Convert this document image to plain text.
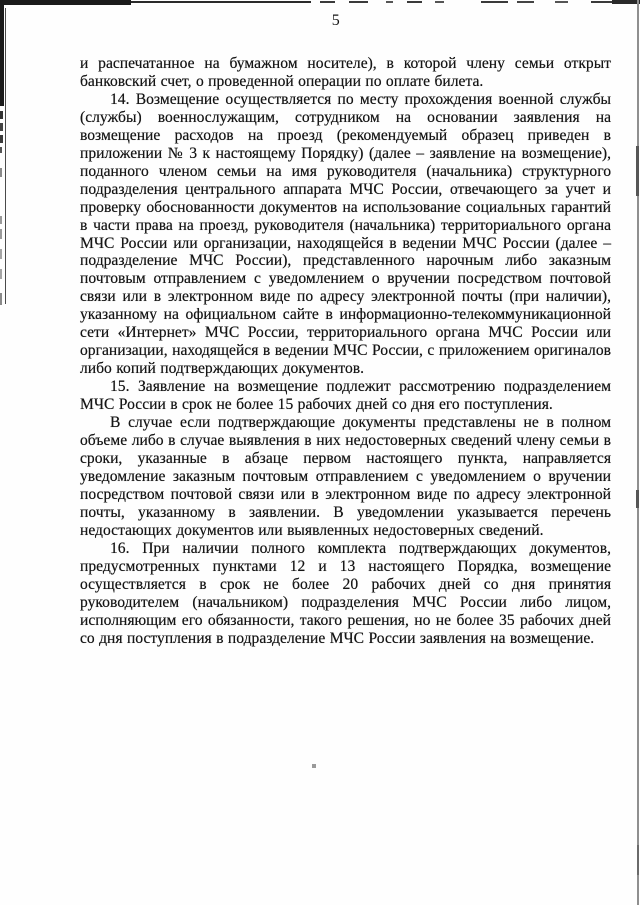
5

и распечатанное на бумажном носителе), в которой члену семьи открыт банковский счет, о проведенной операции по оплате билета.

14. Возмещение осуществляется по месту прохождения военной службы (службы) военнослужащим, сотрудником на основании заявления на возмещение расходов на проезд (рекомендуемый образец приведен в приложении № 3 к настоящему Порядку) (далее – заявление на возмещение), поданного членом семьи на имя руководителя (начальника) структурного подразделения центрального аппарата МЧС России, отвечающего за учет и проверку обоснованности документов на использование социальных гарантий в части права на проезд, руководителя (начальника) территориального органа МЧС России или организации, находящейся в ведении МЧС России (далее – подразделение МЧС России), представленного нарочным либо заказным почтовым отправлением с уведомлением о вручении посредством почтовой связи или в электронном виде по адресу электронной почты (при наличии), указанному на официальном сайте в информационно-телекоммуникационной сети «Интернет» МЧС России, территориального органа МЧС России или организации, находящейся в ведении МЧС России, с приложением оригиналов либо копий подтверждающих документов.

15. Заявление на возмещение подлежит рассмотрению подразделением МЧС России в срок не более 15 рабочих дней со дня его поступления.

В случае если подтверждающие документы представлены не в полном объеме либо в случае выявления в них недостоверных сведений члену семьи в сроки, указанные в абзаце первом настоящего пункта, направляется уведомление заказным почтовым отправлением с уведомлением о вручении посредством почтовой связи или в электронном виде по адресу электронной почты, указанному в заявлении. В уведомлении указывается перечень недостающих документов или выявленных недостоверных сведений.

16. При наличии полного комплекта подтверждающих документов, предусмотренных пунктами 12 и 13 настоящего Порядка, возмещение осуществляется в срок не более 20 рабочих дней со дня принятия руководителем (начальником) подразделения МЧС России либо лицом, исполняющим его обязанности, такого решения, но не более 35 рабочих дней со дня поступления в подразделение МЧС России заявления на возмещение.
